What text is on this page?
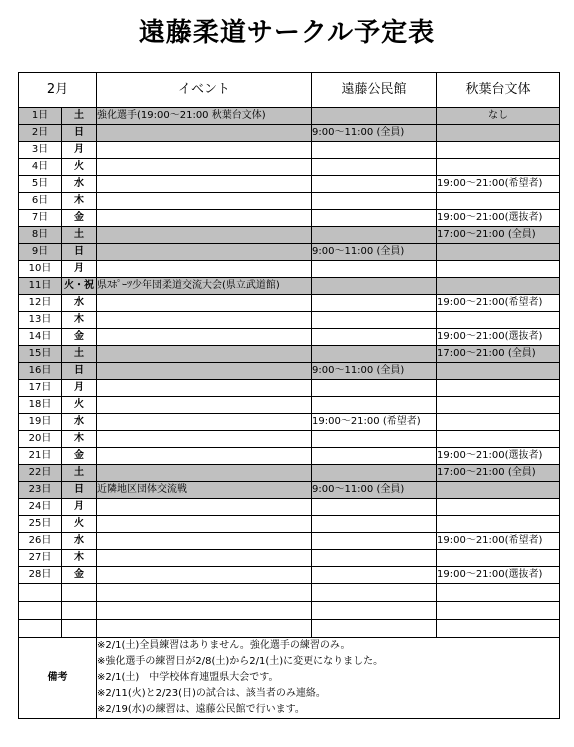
遠藤柔道サークル予定表
2月		イベント	遠藤公民館	秋葉台文体
1日	土	強化選手(19:00～21:00 秋葉台文体)		なし
2日	日		9:00～11:00 (全員)	
3日	月			
4日	火			
5日	水			19:00～21:00(希望者)
6日	木			
7日	金			19:00～21:00(選抜者)
8日	土			17:00～21:00 (全員)
9日	日		9:00～11:00 (全員)	
10日	月			
11日	火・祝	県ｽﾎﾟｰﾂ少年団柔道交流大会(県立武道館)		
12日	水			19:00～21:00(希望者)
13日	木			
14日	金			19:00～21:00(選抜者)
15日	土			17:00～21:00 (全員)
16日	日		9:00～11:00 (全員)	
17日	月			
18日	火			
19日	水		19:00～21:00 (希望者)	
20日	木			
21日	金			19:00～21:00(選抜者)
22日	土			17:00～21:00 (全員)
23日	日	近隣地区団体交流戦	9:00～11:00 (全員)	
24日	月			
25日	火			
26日	水			19:00～21:00(希望者)
27日	木			
28日	金			19:00～21:00(選抜者)

備考		※2/1(土)全員練習はありません。強化選手の練習のみ。
※強化選手の練習日が2/8(土)から2/1(土)に変更になりました。
※2/1(土)　中学校体育連盟県大会です。
※2/11(火)と2/23(日)の試合は、該当者のみ連絡。
※2/19(水)の練習は、遠藤公民館で行います。		
